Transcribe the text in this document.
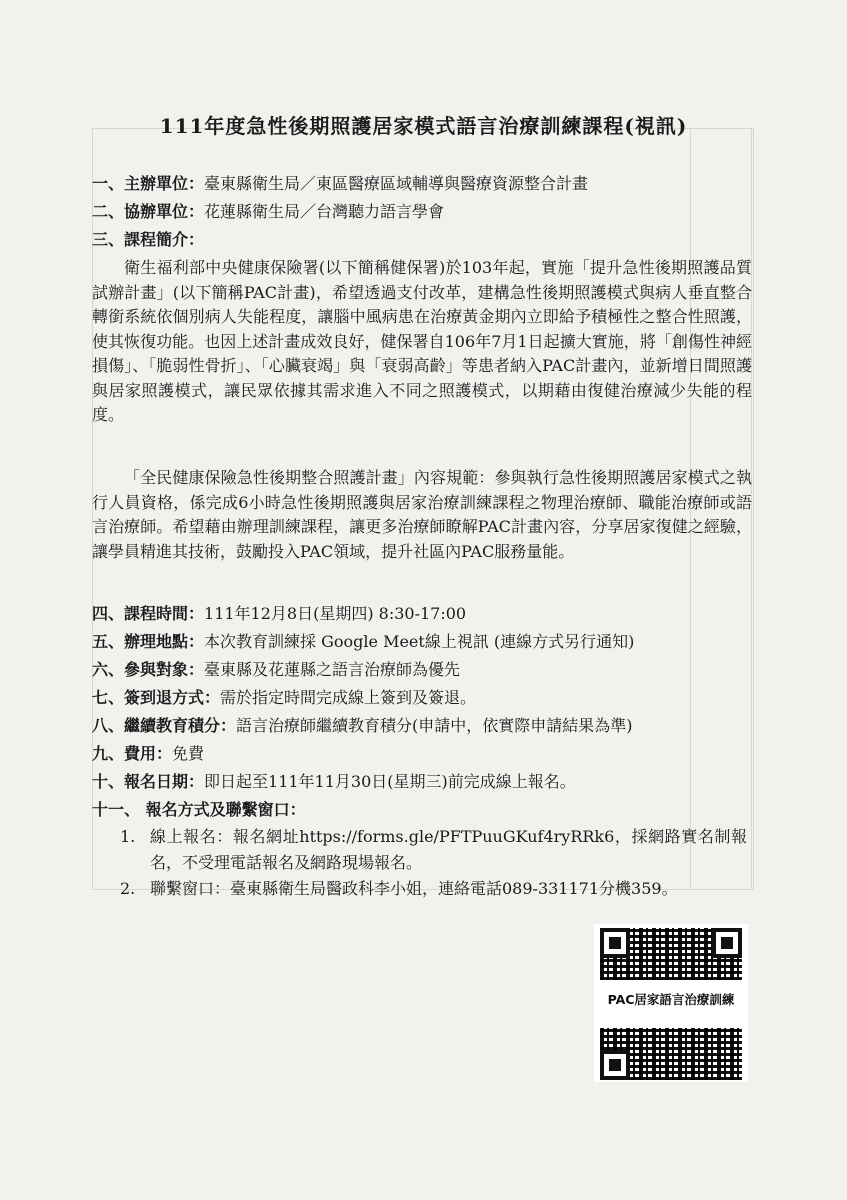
111年度急性後期照護居家模式語言治療訓練課程(視訊)
一、主辦單位：臺東縣衛生局／東區醫療區域輔導與醫療資源整合計畫
二、協辦單位：花蓮縣衛生局／台灣聽力語言學會
三、課程簡介：
衛生福利部中央健康保險署(以下簡稱健保署)於103年起，實施「提升急性後期照護品質試辦計畫」(以下簡稱PAC計畫)，希望透過支付改革，建構急性後期照護模式與病人垂直整合轉銜系統依個別病人失能程度，讓腦中風病患在治療黃金期內立即給予積極性之整合性照護，使其恢復功能。也因上述計畫成效良好，健保署自106年7月1日起擴大實施，將「創傷性神經損傷」、「脆弱性骨折」、「心臟衰竭」與「衰弱高齡」等患者納入PAC計畫內，並新增日間照護與居家照護模式，讓民眾依據其需求進入不同之照護模式，以期藉由復健治療減少失能的程度。
「全民健康保險急性後期整合照護計畫」內容規範：參與執行急性後期照護居家模式之執行人員資格，係完成6小時急性後期照護與居家治療訓練課程之物理治療師、職能治療師或語言治療師。希望藉由辦理訓練課程，讓更多治療師瞭解PAC計畫內容，分享居家復健之經驗，讓學員精進其技術，鼓勵投入PAC領域，提升社區內PAC服務量能。
四、課程時間：111年12月8日(星期四) 8:30-17:00
五、辦理地點：本次教育訓練採 Google Meet線上視訊 (連線方式另行通知)
六、參與對象：臺東縣及花蓮縣之語言治療師為優先
七、簽到退方式：需於指定時間完成線上簽到及簽退。
八、繼續教育積分：語言治療師繼續教育積分(申請中，依實際申請結果為準)
九、費用：免費
十、報名日期：即日起至111年11月30日(星期三)前完成線上報名。
十一、 報名方式及聯繫窗口：
1. 線上報名：報名網址https://forms.gle/PFTPuuGKuf4ryRRk6，採網路實名制報名，不受理電話報名及網路現場報名。
2. 聯繫窗口：臺東縣衛生局醫政科李小姐，連絡電話089-331171分機359。
PAC居家語言治療訓練
